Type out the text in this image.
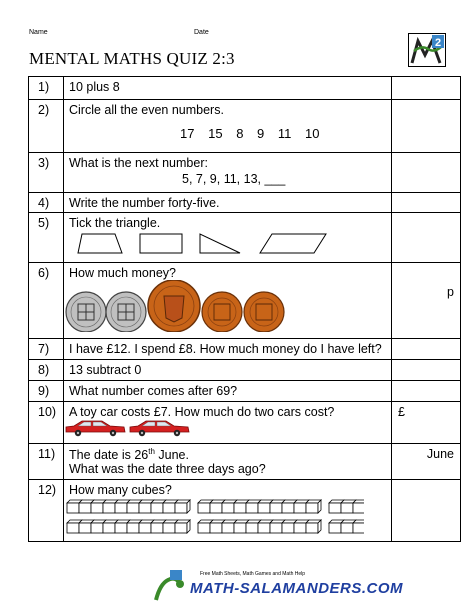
Name	Date
MENTAL MATHS QUIZ 2:3
2
1)	10 plus 8	

2)	Circle all the even numbers.
17 15 8 9 11 10	

3)	What is the next number:
5, 7, 9, 11, 13, ___	

4)	Write the number forty-five.	

5)	Tick the triangle.	

6)	How much money?	p

7)	I have £12. I spend £8. How much money do I have left?	

8)	13 subtract 0	

9)	What number comes after 69?	

10)	A toy car costs £7. How much do two cars cost?	£

11)	The date is 26th June.
What was the date three days ago?	June

12)	How many cubes?	

Free Math Sheets, Math Games and Math Help
MATH-SALAMANDERS.COM
